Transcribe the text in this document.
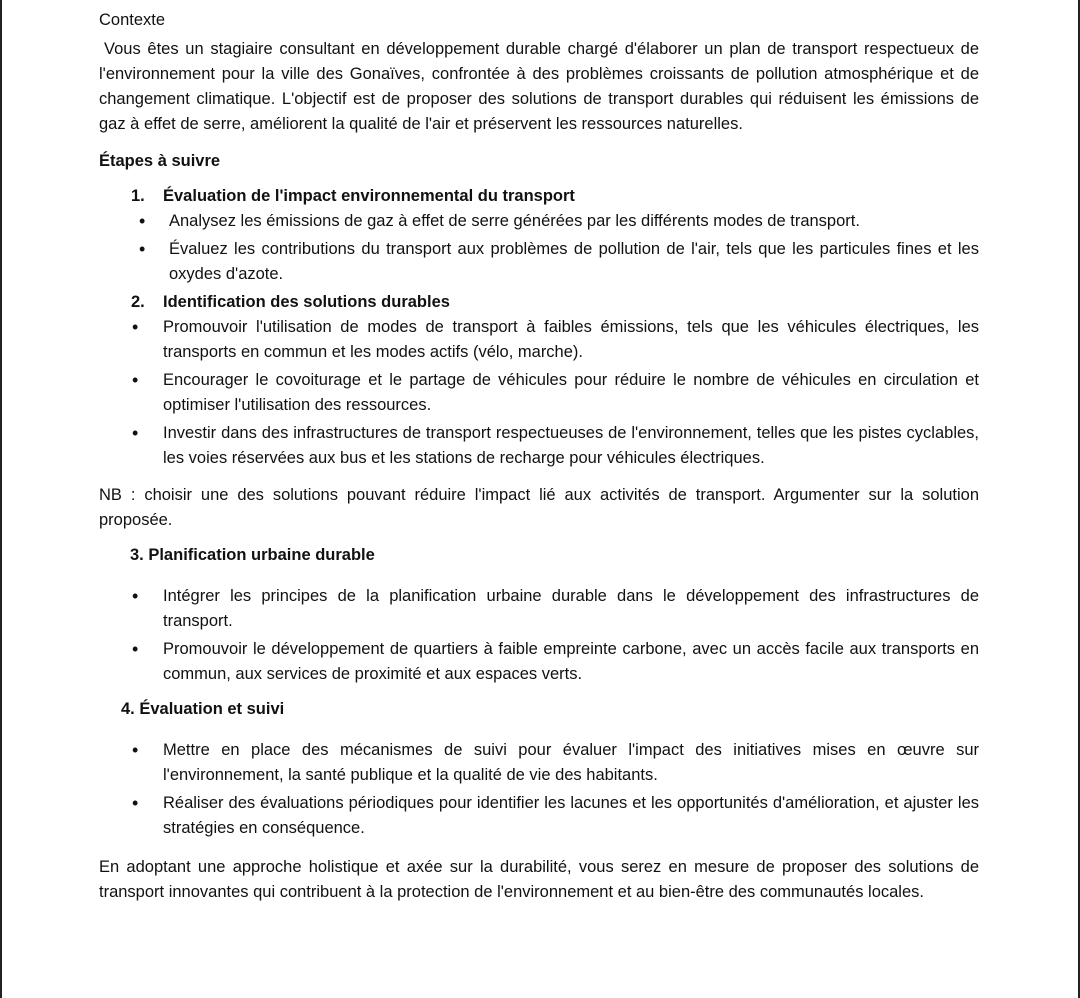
Contexte

Vous êtes un stagiaire consultant en développement durable chargé d'élaborer un plan de transport respectueux de l'environnement pour la ville des Gonaïves, confrontée à des problèmes croissants de pollution atmosphérique et de changement climatique. L'objectif est de proposer des solutions de transport durables qui réduisent les émissions de gaz à effet de serre, améliorent la qualité de l'air et préservent les ressources naturelles.

Étapes à suivre

1. Évaluation de l'impact environnemental du transport
• Analysez les émissions de gaz à effet de serre générées par les différents modes de transport.
• Évaluez les contributions du transport aux problèmes de pollution de l'air, tels que les particules fines et les oxydes d'azote.
2. Identification des solutions durables
• Promouvoir l'utilisation de modes de transport à faibles émissions, tels que les véhicules électriques, les transports en commun et les modes actifs (vélo, marche).
• Encourager le covoiturage et le partage de véhicules pour réduire le nombre de véhicules en circulation et optimiser l'utilisation des ressources.
• Investir dans des infrastructures de transport respectueuses de l'environnement, telles que les pistes cyclables, les voies réservées aux bus et les stations de recharge pour véhicules électriques.

NB : choisir une des solutions pouvant réduire l'impact lié aux activités de transport. Argumenter sur la solution proposée.

3. Planification urbaine durable

• Intégrer les principes de la planification urbaine durable dans le développement des infrastructures de transport.
• Promouvoir le développement de quartiers à faible empreinte carbone, avec un accès facile aux transports en commun, aux services de proximité et aux espaces verts.

4. Évaluation et suivi

• Mettre en place des mécanismes de suivi pour évaluer l'impact des initiatives mises en œuvre sur l'environnement, la santé publique et la qualité de vie des habitants.
• Réaliser des évaluations périodiques pour identifier les lacunes et les opportunités d'amélioration, et ajuster les stratégies en conséquence.

En adoptant une approche holistique et axée sur la durabilité, vous serez en mesure de proposer des solutions de transport innovantes qui contribuent à la protection de l'environnement et au bien-être des communautés locales.
